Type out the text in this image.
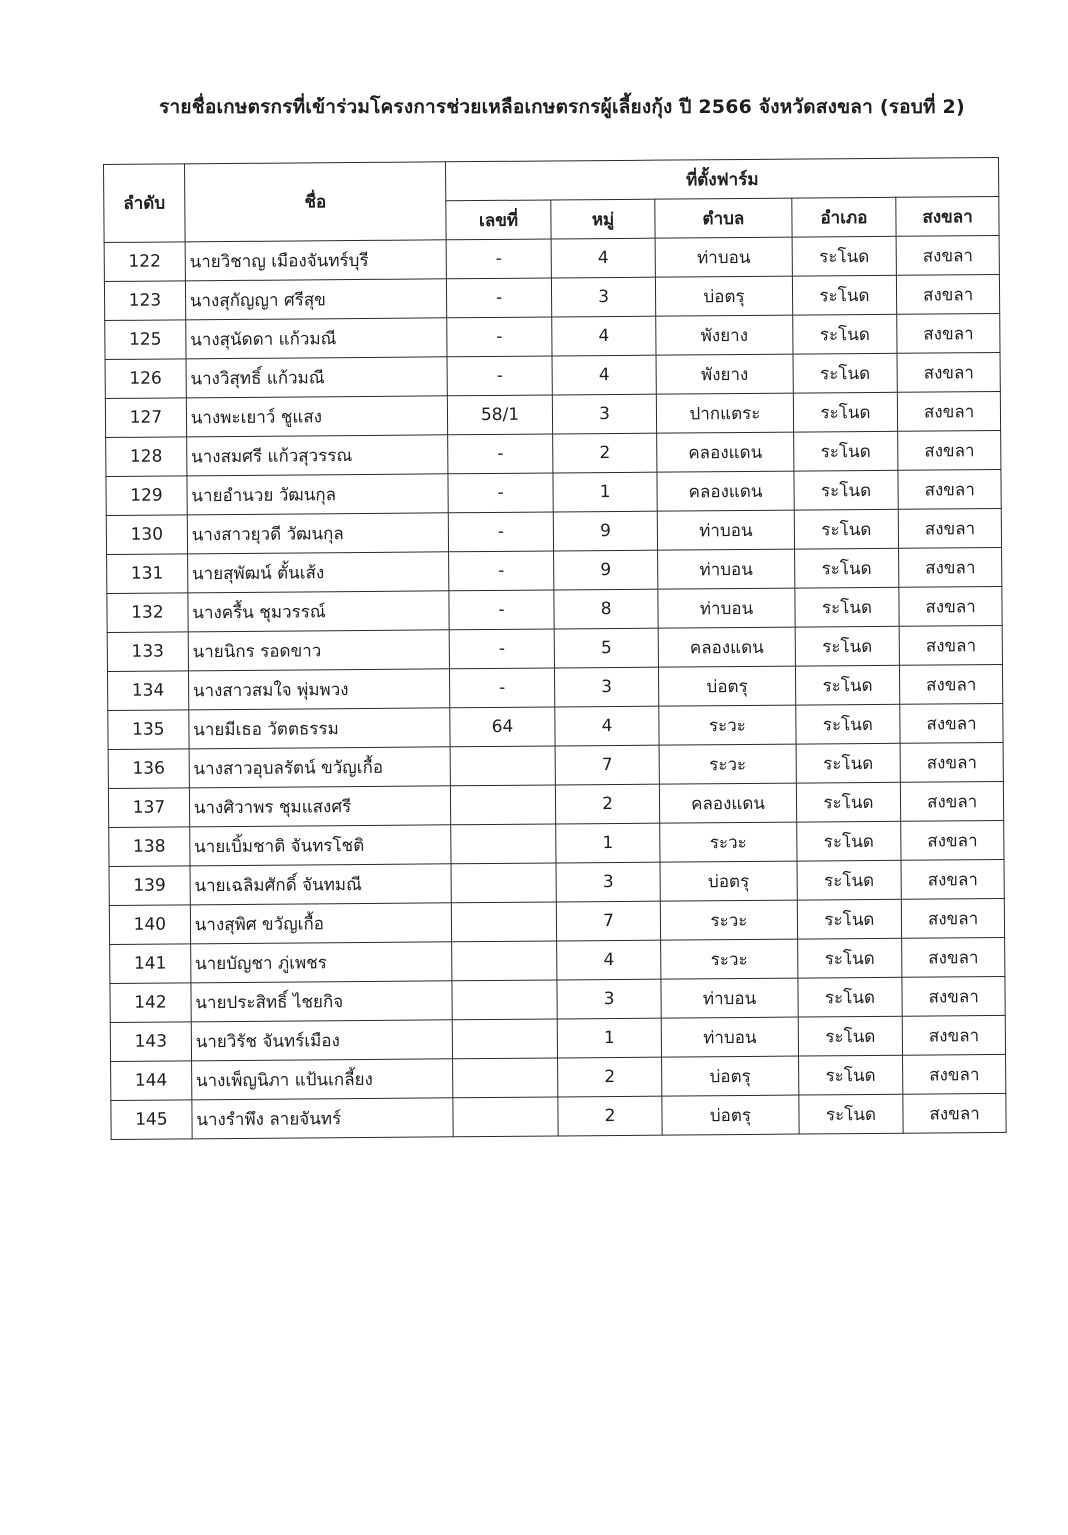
รายชื่อเกษตรกรที่เข้าร่วมโครงการช่วยเหลือเกษตรกรผู้เลี้ยงกุ้ง ปี 2566 จังหวัดสงขลา (รอบที่ 2)
ลำดับ	ชื่อ	ที่ตั้งฟาร์ม				
		เลขที่	หมู่	ตำบล	อำเภอ	สงขลา
122	นายวิชาญ เมืองจันทร์บุรี	-	4	ท่าบอน	ระโนด	สงขลา
123	นางสุกัญญา ศรีสุข	-	3	บ่อตรุ	ระโนด	สงขลา
125	นางสุนัดดา แก้วมณี	-	4	พังยาง	ระโนด	สงขลา
126	นางวิสุทธิ์ แก้วมณี	-	4	พังยาง	ระโนด	สงขลา
127	นางพะเยาว์ ชูแสง	58/1	3	ปากแตระ	ระโนด	สงขลา
128	นางสมศรี แก้วสุวรรณ	-	2	คลองแดน	ระโนด	สงขลา
129	นายอำนวย วัฒนกุล	-	1	คลองแดน	ระโนด	สงขลา
130	นางสาวยุวดี วัฒนกุล	-	9	ท่าบอน	ระโนด	สงขลา
131	นายสุพัฒน์ ตั้นเส้ง	-	9	ท่าบอน	ระโนด	สงขลา
132	นางครื้น ชุมวรรณ์	-	8	ท่าบอน	ระโนด	สงขลา
133	นายนิกร รอดขาว	-	5	คลองแดน	ระโนด	สงขลา
134	นางสาวสมใจ พุ่มพวง	-	3	บ่อตรุ	ระโนด	สงขลา
135	นายมีเธอ วัตตธรรม	64	4	ระวะ	ระโนด	สงขลา
136	นางสาวอุบลรัตน์ ขวัญเกื้อ		7	ระวะ	ระโนด	สงขลา
137	นางศิวาพร ชุมแสงศรี		2	คลองแดน	ระโนด	สงขลา
138	นายเบิ้มชาติ จันทรโชติ		1	ระวะ	ระโนด	สงขลา
139	นายเฉลิมศักดิ์ จันทมณี		3	บ่อตรุ	ระโนด	สงขลา
140	นางสุพิศ ขวัญเกื้อ		7	ระวะ	ระโนด	สงขลา
141	นายบัญชา ภู่เพชร		4	ระวะ	ระโนด	สงขลา
142	นายประสิทธิ์ ไชยกิจ		3	ท่าบอน	ระโนด	สงขลา
143	นายวิรัช จันทร์เมือง		1	ท่าบอน	ระโนด	สงขลา
144	นางเพ็ญนิภา แป้นเกลี้ยง		2	บ่อตรุ	ระโนด	สงขลา
145	นางรำพึง ลายจันทร์		2	บ่อตรุ	ระโนด	สงขลา
